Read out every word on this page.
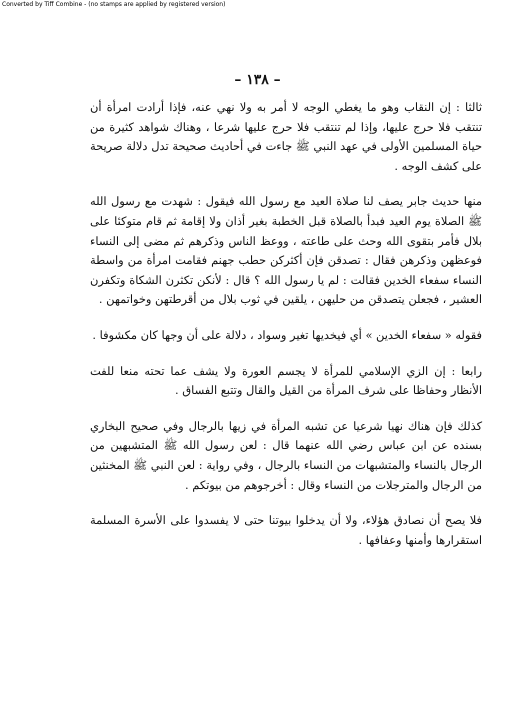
Converted by Tiff Combine - (no stamps are applied by registered version)
– ١٣٨ –

ثالثا : إن النقاب وهو ما يغطي الوجه لا أمر به ولا نهي عنه، فإذا أرادت امرأة أن تنتقب فلا حرج عليها، وإذا لم تنتقب فلا حرج عليها شرعا ، وهناك شواهد كثيرة من حياة المسلمين الأولى في عهد النبي ﷺ جاءت في أحاديث صحيحة تدل دلالة صريحة على كشف الوجه .

منها حديث جابر يصف لنا صلاة العيد مع رسول الله فيقول : شهدت مع رسول الله ﷺ الصلاة يوم العيد فبدأ بالصلاة قبل الخطبة بغير أذان ولا إقامة ثم قام متوكئا على بلال فأمر بتقوى الله وحث على طاعته ، ووعظ الناس وذكرهم ثم مضى إلى النساء فوعظهن وذكرهن فقال : تصدقن فإن أكثركن حطب جهنم فقامت امرأة من واسطة النساء سفعاء الخدين فقالت : لم يا رسول الله ؟ قال : لأنكن تكثرن الشكاة وتكفرن العشير ، فجعلن يتصدقن من حليهن ، يلقين في ثوب بلال من أقرطتهن وخواتمهن .

فقوله « سفعاء الخدين » أي فيخديها تغير وسواد ، دلالة على أن وجها كان مكشوفا .

رابعا : إن الزي الإسلامي للمرأة لا يجسم العورة ولا يشف عما تحته منعا للفت الأنظار وحفاظا على شرف المرأة من القيل والقال وتتبع الفساق .

كذلك فإن هناك نهيا شرعيا عن تشبه المرأة في زيها بالرجال وفي صحيح البخاري بسنده عن ابن عباس رضي الله عنهما قال : لعن رسول الله ﷺ المتشبهين من الرجال بالنساء والمتشبهات من النساء بالرجال ، وفي رواية : لعن النبي ﷺ المخنثين من الرجال والمترجلات من النساء وقال : أخرجوهم من بيوتكم .

فلا يصح أن نصادق هؤلاء، ولا أن يدخلوا بيوتنا حتى لا يفسدوا على الأسرة المسلمة استقرارها وأمنها وعفافها .
